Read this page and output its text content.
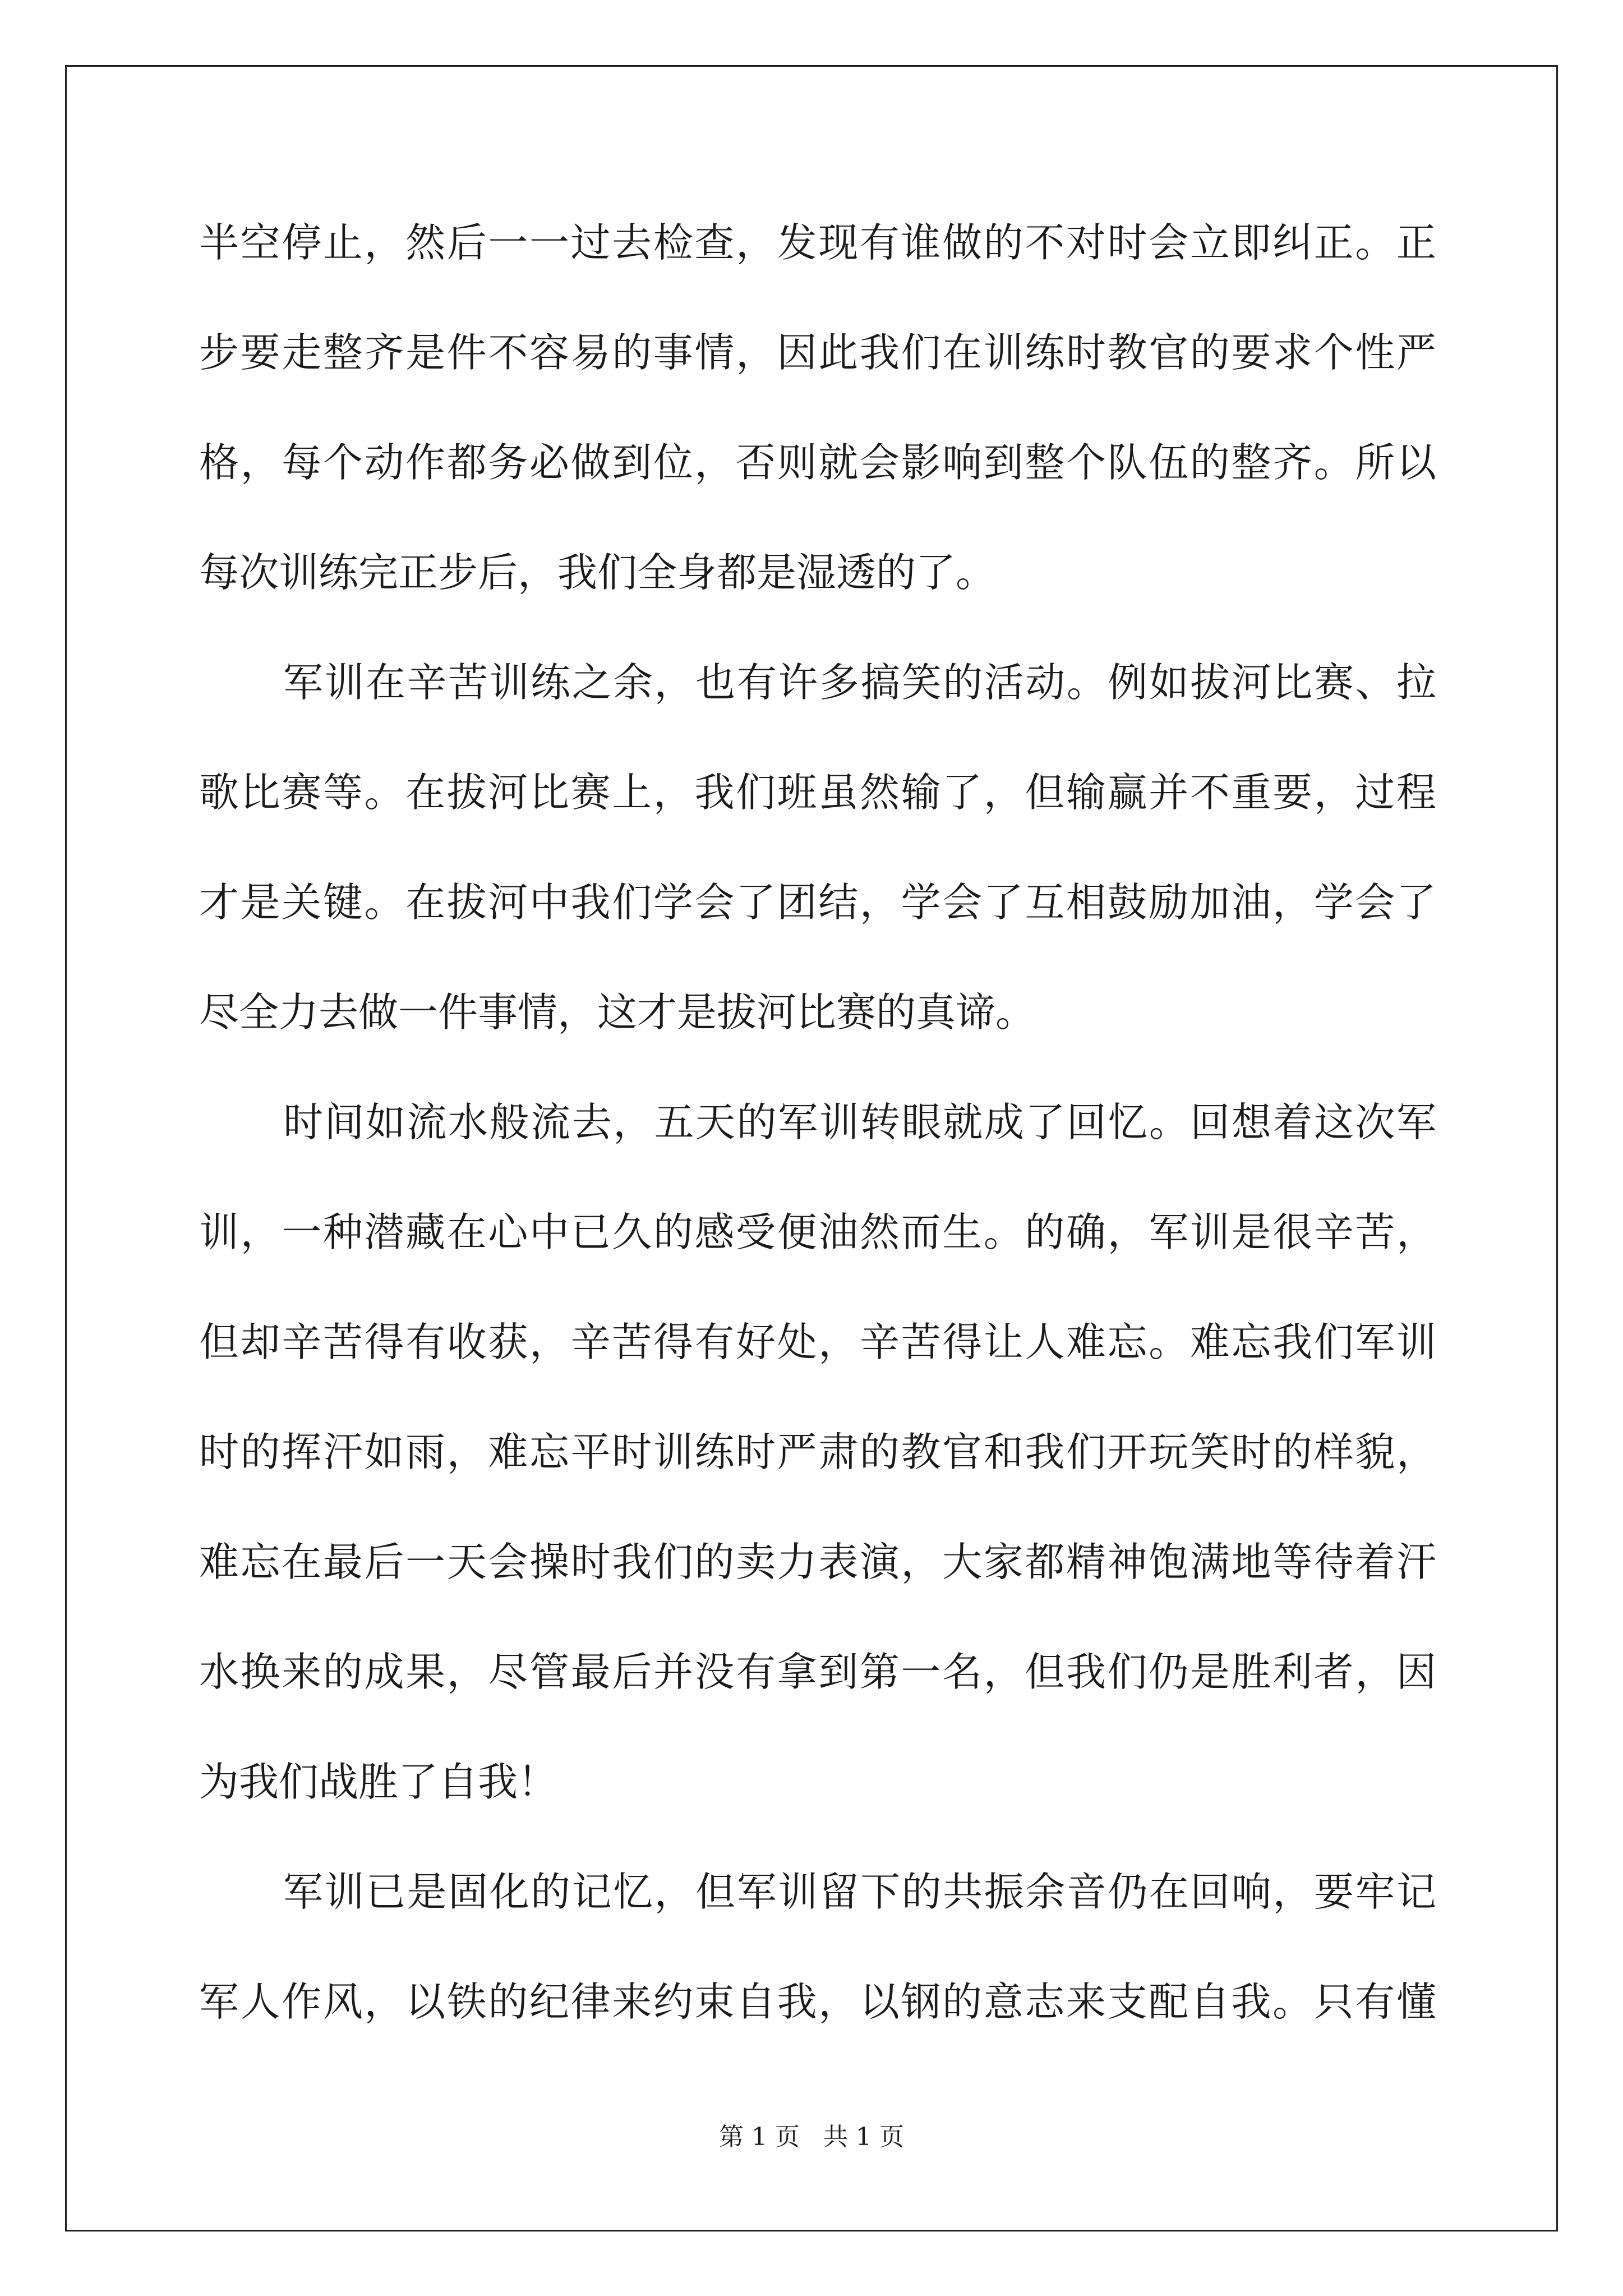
半空停止，然后一一过去检查，发现有谁做的不对时会立即纠正。正
步要走整齐是件不容易的事情，因此我们在训练时教官的要求个性严
格，每个动作都务必做到位，否则就会影响到整个队伍的整齐。所以
每次训练完正步后，我们全身都是湿透的了。
军训在辛苦训练之余，也有许多搞笑的活动。例如拔河比赛、拉
歌比赛等。在拔河比赛上，我们班虽然输了，但输赢并不重要，过程
才是关键。在拔河中我们学会了团结，学会了互相鼓励加油，学会了
尽全力去做一件事情，这才是拔河比赛的真谛。
时间如流水般流去，五天的军训转眼就成了回忆。回想着这次军
训，一种潜藏在心中已久的感受便油然而生。的确，军训是很辛苦，
但却辛苦得有收获，辛苦得有好处，辛苦得让人难忘。难忘我们军训
时的挥汗如雨，难忘平时训练时严肃的教官和我们开玩笑时的样貌，
难忘在最后一天会操时我们的卖力表演，大家都精神饱满地等待着汗
水换来的成果，尽管最后并没有拿到第一名，但我们仍是胜利者，因
为我们战胜了自我！
军训已是固化的记忆，但军训留下的共振余音仍在回响，要牢记
军人作风，以铁的纪律来约束自我，以钢的意志来支配自我。只有懂
第 1 页   共 1 页
